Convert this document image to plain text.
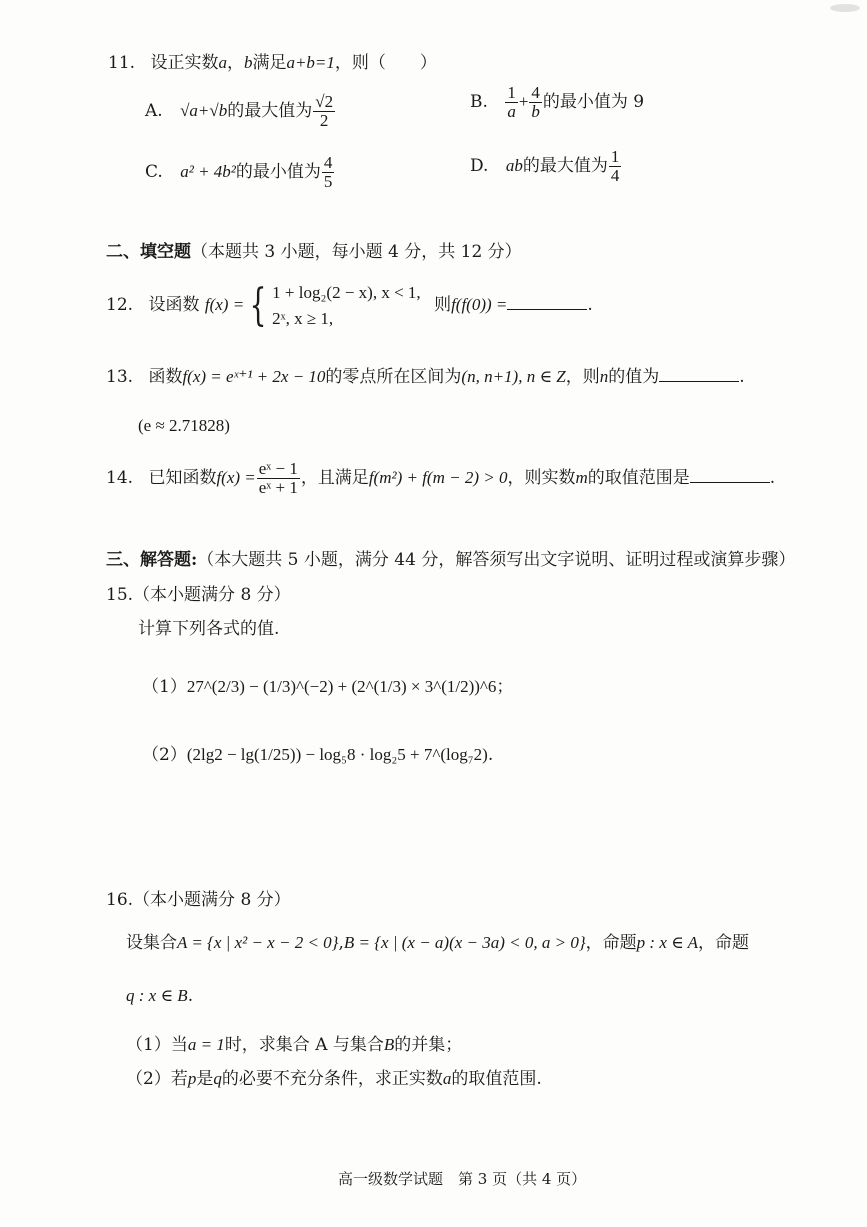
11. 设正实数a，b满足a+b=1，则（　　）
A. √a+√b的最大值为 $\frac{√2}{2}$	B. $\frac{1}{a} + \frac{4}{b}$ 的最小值为 9
C. a² + 4b²的最小值为 $\frac{4}{5}$	D. ab的最大值为 $\frac{1}{4}$
二、填空题（本题共 3 小题，每小题 4 分，共 12 分）
12. 设函数 f(x) = { 1 + log₂(2 − x), x < 1,
2ˣ, x ≥ 1,
则f(f(0)) =	.
13. 函数f(x) = eˣ⁺¹ + 2x − 10的零点所在区间为(n, n+1), n ∈ Z，则n的值为	.
(e ≈ 2.71828)
14. 已知函数$f(x) = \frac{\text{eˣ − 1}}{\text{eˣ + 1}}$ ，且满足f(m²) + f(m − 2) > 0，则实数m的取值范围是	.
三、解答题:（本大题共 5 小题，满分 44 分，解答须写出文字说明、证明过程或演算步骤）
15.（本小题满分 8 分）
计算下列各式的值.
（1）27^(2/3) − (1/3)^(−2) + (2^(1/3) × 3^(1/2))^6；
（2）(2lg2 − lg(1/25)) − log₅8 · log₂5 + 7^(log₇2).
16.（本小题满分 8 分）
设集合A = {x | x² − x − 2 < 0},B = {x | (x − a)(x − 3a) < 0, a > 0}，命题p : x ∈ A，命题
q : x ∈ B.
（1）当a = 1时，求集合 A 与集合B的并集；
（2）若p是q的必要不充分条件，求正实数a的取值范围.
高一级数学试题　第 3 页（共 4 页）
